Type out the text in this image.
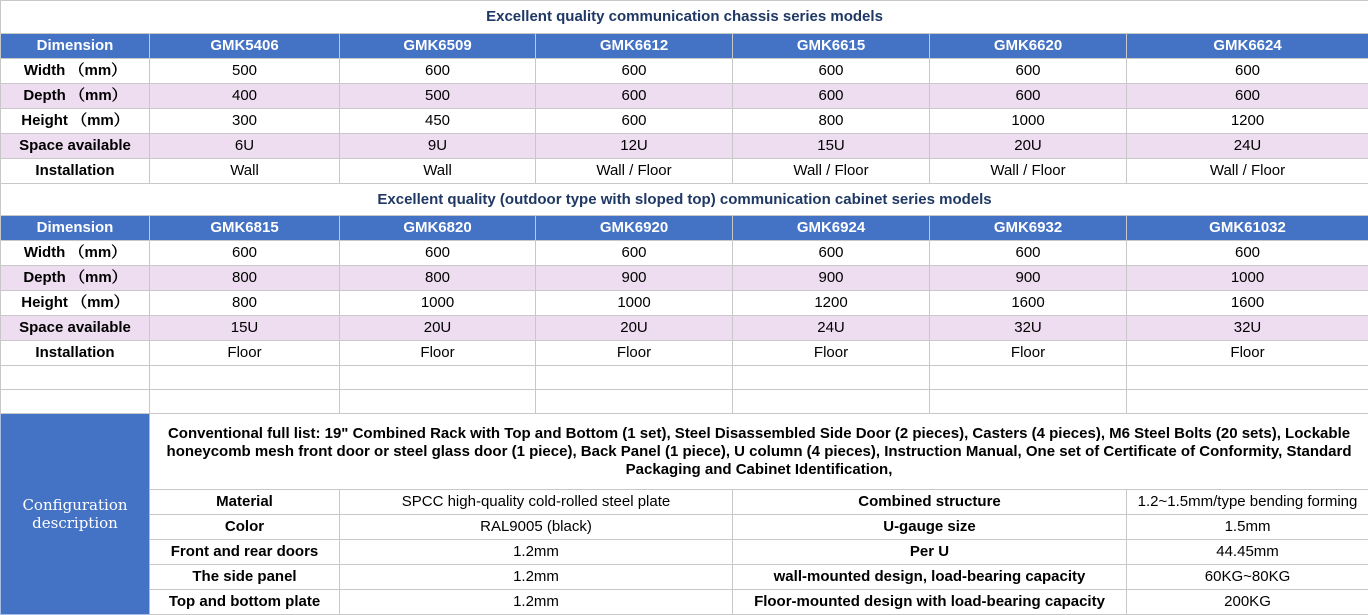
Excellent quality communication chassis series models						
Dimension	GMK5406	GMK6509	GMK6612	GMK6615	GMK6620	GMK6624
Width （mm）	500	600	600	600	600	600
Depth （mm）	400	500	600	600	600	600
Height （mm）	300	450	600	800	1000	1200
Space available	6U	9U	12U	15U	20U	24U
Installation	Wall	Wall	Wall / Floor	Wall / Floor	Wall / Floor	Wall / Floor
Excellent quality (outdoor type with sloped top) communication cabinet series models						
Dimension	GMK6815	GMK6820	GMK6920	GMK6924	GMK6932	GMK61032
Width （mm）	600	600	600	600	600	600
Depth （mm）	800	800	900	900	900	1000
Height （mm）	800	1000	1000	1200	1600	1600
Space available	15U	20U	20U	24U	32U	32U
Installation	Floor	Floor	Floor	Floor	Floor	Floor

Configuration description	Conventional full list: 19" Combined Rack with Top and Bottom (1 set), Steel Disassembled Side Door (2 pieces), Casters (4 pieces), M6 Steel Bolts (20 sets), Lockable honeycomb mesh front door or steel glass door (1 piece), Back Panel (1 piece), U column (4 pieces), Instruction Manual, One set of Certificate of Conformity, Standard Packaging and Cabinet Identification,					
	Material	SPCC high-quality cold-rolled steel plate		Combined structure		1.2~1.5mm/type bending forming
	Color	RAL9005 (black)		U-gauge size		1.5mm
	Front and rear doors	1.2mm		Per U		44.45mm
	The side panel	1.2mm		wall-mounted design, load-bearing capacity		60KG~80KG
	Top and bottom plate	1.2mm		Floor-mounted design with load-bearing capacity		200KG
